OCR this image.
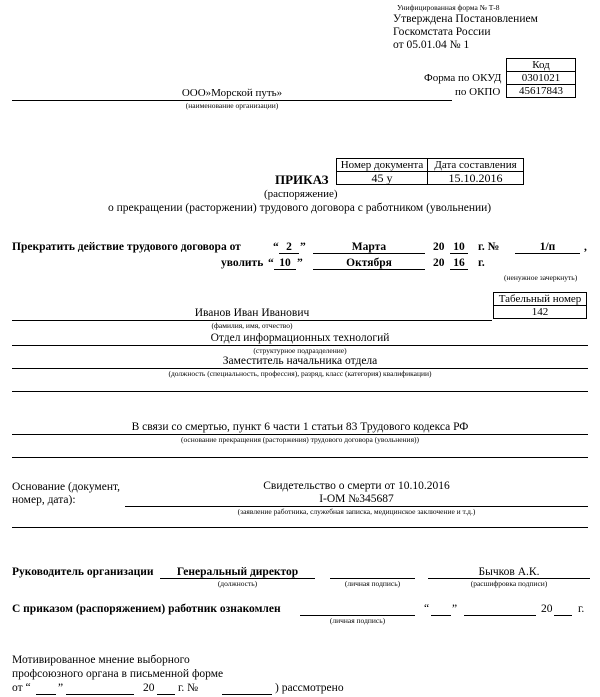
Унифицированная форма № Т-8
Утверждена Постановлением
Госкомстата России
от 05.01.04 № 1
Код
0301021
45617843
Форма по ОКУД
по ОКПО
ООО»Морской путь»
(наименование организации)
Номер документа	Дата составления
45 у	15.10.2016
ПРИКАЗ
(распоряжение)
о прекращении (расторжении) трудового договора с работником (увольнении)
Прекратить действие трудового договора от	“ 2 ”	Марта	20 10 г. №	1/п	,
уволить “ 10 ”	Октября	20 16 г.
(ненужное зачеркнуть)
Табельный номер
142
Иванов Иван Иванович
(фамилия, имя, отчество)
Отдел информационных технологий
(структурное подразделение)
Заместитель начальника отдела
(должность (специальность, профессия), разряд, класс (категория) квалификации)
В связи со смертью, пункт 6 части 1 статьи 83 Трудового кодекса РФ
(основание прекращения (расторжения) трудового договора (увольнения))
Основание (документ,
номер, дата):
Свидетельство о смерти от 10.10.2016
I-ОМ №345687
(заявление работника, служебная записка, медицинское заключение и т.д.)
Руководитель организации	Генеральный директор
(должность)	(личная подпись)
Бычков А.К.
(расшифровка подписи)
С приказом (распоряжением) работник ознакомлен
(личная подпись)
“ ”	20 г.
Мотивированное мнение выборного
профсоюзного органа в письменной форме
от “ ”	20 г. №	) рассмотрено
